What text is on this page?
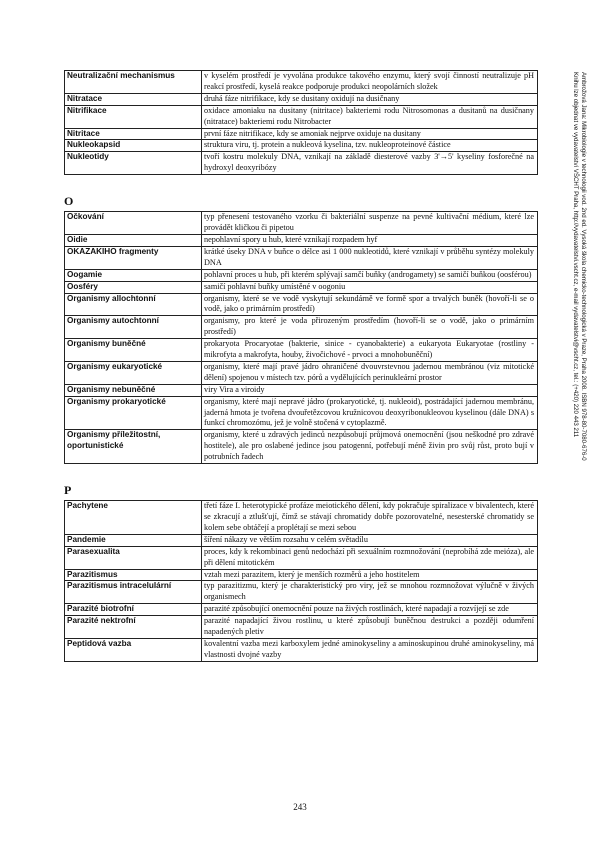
Neutralizační mechanismus	v kyselém prostředí je vyvolána produkce takového enzymu, který svojí činností neutralizuje pH reakcí prostředí, kyselá reakce podporuje produkci neopolárních složek
Nitratace	druhá fáze nitrifikace, kdy se dusitany oxidují na dusičnany
Nitrifikace	oxidace amoniaku na dusitany (nitritace) bakteriemi rodu Nitrosomonas a dusitanů na dusičnany (nitratace) bakteriemi rodu Nitrobacter
Nitritace	první fáze nitrifikace, kdy se amoniak nejprve oxiduje na dusitany
Nukleokapsid	struktura viru, tj. protein a nukleová kyselina, tzv. nukleoproteinové částice
Nukleotidy	tvoří kostru molekuly DNA, vznikají na základě diesterové vazby 3'→5' kyseliny fosforečné na hydroxyl deoxyribózy
O
Očkování	typ přenesení testovaného vzorku či bakteriální suspenze na pevné kultivační médium, které lze provádět kličkou či pipetou
Oidie	nepohlavní spory u hub, které vznikají rozpadem hyf
OKAZAKIHO fragmenty	krátké úseky DNA v buňce o délce asi 1 000 nukleotidů, které vznikají v průběhu syntézy molekuly DNA
Oogamie	pohlavní proces u hub, při kterém splývají samčí buňky (androgamety) se samičí buňkou (oosférou)
Oosféry	samičí pohlavní buňky umístěné v oogoniu
Organismy allochtonní	organismy, které se ve vodě vyskytují sekundárně ve formě spor a trvalých buněk (hovoří-li se o vodě, jako o primárním prostředí)
Organismy autochtonní	organismy, pro které je voda přirozeným prostředím (hovoří-li se o vodě, jako o primárním prostředí)
Organismy buněčné	prokaryota Procaryotae (bakterie, sinice - cyanobakterie) a eukaryota Eukaryotae (rostliny - mikrofyta a makrofyta, houby, živočichové - prvoci a mnohobuněční)
Organismy eukaryotické	organismy, které mají pravé jádro ohraničené dvouvrstevnou jadernou membránou (viz mitotické dělení) spojenou v místech tzv. pórů a vydělujících perinukleární prostor
Organismy nebuněčné	viry Vira a viroidy
Organismy prokaryotické	organismy, které mají nepravé jádro (prokaryotické, tj. nukleoid), postrádající jadernou membránu, jaderná hmota je tvořena dvouřetězcovou kružnicovou deoxyribonukleovou kyselinou (dále DNA) s funkcí chromozómu, jež je volně stočená v cytoplazmě.
Organismy příležitostní, oportunistické	organismy, které u zdravých jedinců nezpůsobují průjmová onemocnění (jsou neškodné pro zdravé hostitele), ale pro oslabené jedince jsou patogenní, potřebují méně živin pro svůj růst, proto bují v potrubních řadech
P
Pachytene	třetí fáze I. heterotypické profáze meiotického dělení, kdy pokračuje spiralizace v bivalentech, které se zkracují a ztlušťují, čímž se stávají chromatidy dobře pozorovatelné, nesesterské chromatidy se kolem sebe obtáčejí a proplétají se mezi sebou
Pandemie	šíření nákazy ve větším rozsahu v celém světadílu
Parasexualita	proces, kdy k rekombinaci genů nedochází při sexuálním rozmnožování (neprobíhá zde meióza), ale při dělení mitotickém
Parazitismus	vztah mezi parazitem, který je menších rozměrů a jeho hostitelem
Parazitismus intracelulární	typ parazitizmu, který je charakteristický pro viry, jež se mnohou rozmnožovat výlučně v živých organismech
Parazité biotrofní	parazité způsobující onemocnění pouze na živých rostlinách, které napadají a rozvíjejí se zde
Parazité nektrofní	parazité napadající živou rostlinu, u které způsobují buněčnou destrukci a později odumření napadených pletiv
Peptidová vazba	kovalentní vazba mezi karboxylem jedné aminokyseliny a aminoskupinou druhé aminokyseliny, má vlastnosti dvojné vazby
243
Ambrožová Jana: Mikrobiologie v technologii vod. 2nd ed. Vysoká škola chemicko-technologická v Praze, Praha 2008. ISBN 978-80-7080-676-0
Knihu lze objednat ve vydavatelství VŠCHT Praha, http://vydavatelstvi.vscht.cz, e-mail vydavatelstvi@vscht.cz, tel.: (+420) 220 443 211
